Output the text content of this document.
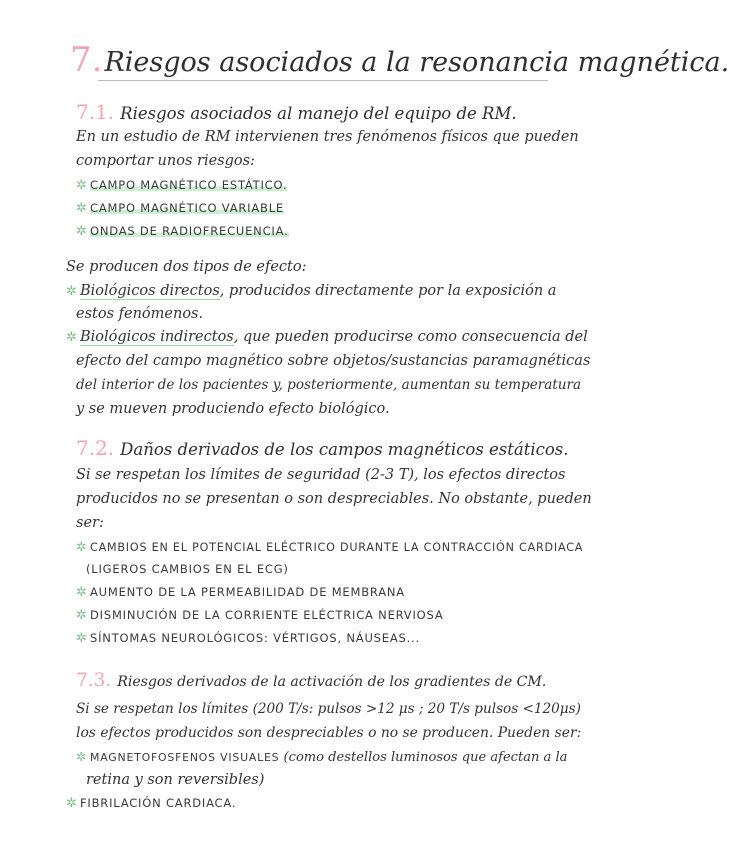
7.Riesgos asociados a la resonancia magnética.
7.1. Riesgos asociados al manejo del equipo de RM.
En un estudio de RM intervienen tres fenómenos físicos que pueden
comportar unos riesgos:
✲ CAMPO MAGNÉTICO ESTÁTICO.
✲ CAMPO MAGNÉTICO VARIABLE
✲ ONDAS DE RADIOFRECUENCIA.
Se producen dos tipos de efecto:
✲ Biológicos directos, producidos directamente por la exposición a
estos fenómenos.
✲ Biológicos indirectos, que pueden producirse como consecuencia del
efecto del campo magnético sobre objetos/sustancias paramagnéticas
del interior de los pacientes y, posteriormente, aumentan su temperatura
y se mueven produciendo efecto biológico.
7.2. Daños derivados de los campos magnéticos estáticos.
Si se respetan los límites de seguridad (2-3 T), los efectos directos
producidos no se presentan o son despreciables. No obstante, pueden
ser:
✲ CAMBIOS EN EL POTENCIAL ELÉCTRICO DURANTE LA CONTRACCIÓN CARDIACA
(LIGEROS CAMBIOS EN EL ECG)
✲ AUMENTO DE LA PERMEABILIDAD DE MEMBRANA
✲ DISMINUCIÓN DE LA CORRIENTE ELÉCTRICA NERVIOSA
✲ SÍNTOMAS NEUROLÓGICOS: VÉRTIGOS, NÁUSEAS...
7.3. Riesgos derivados de la activación de los gradientes de CM.
Si se respetan los límites (200 T/s: pulsos >12 μs ; 20 T/s pulsos <120μs)
los efectos producidos son despreciables o no se producen. Pueden ser:
✲ MAGNETOFOSFENOS VISUALES (como destellos luminosos que afectan a la
retina y son reversibles)
✲ FIBRILACIÓN CARDIACA.
